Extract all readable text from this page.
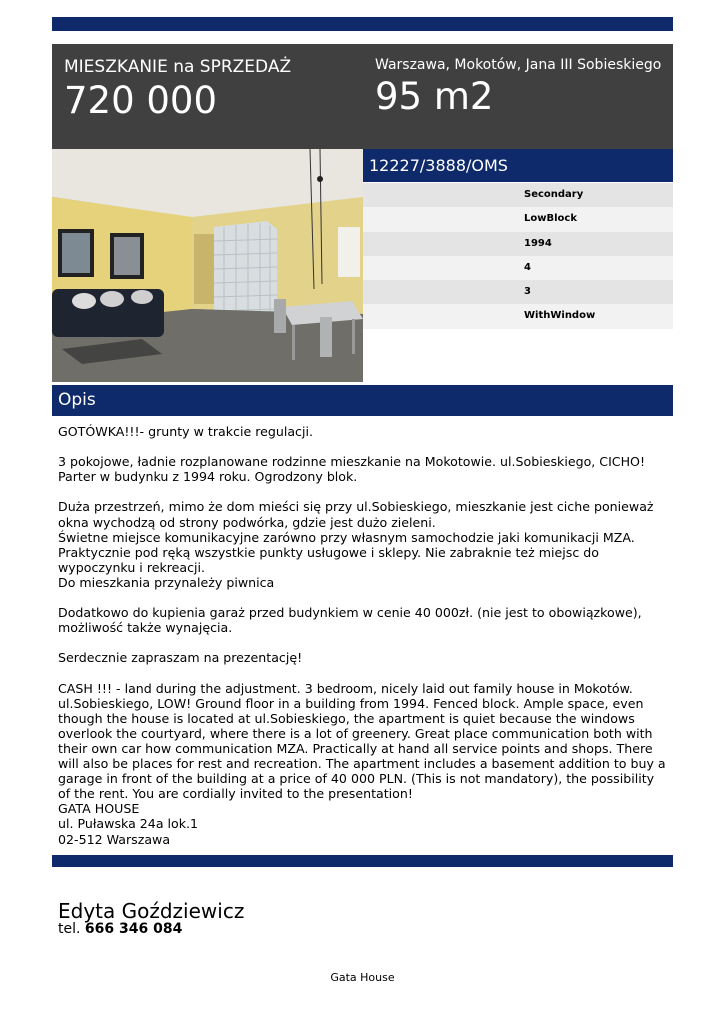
MIESZKANIE na SPRZEDAŻ
720 000
Warszawa, Mokotów, Jana III Sobieskiego
95 m2
12227/3888/OMS
Secondary
LowBlock
1994
4
3
WithWindow
Opis
GOTÓWKA!!!- grunty w trakcie regulacji.

3 pokojowe, ładnie rozplanowane rodzinne mieszkanie na Mokotowie. ul.Sobieskiego, CICHO!
Parter w budynku z 1994 roku. Ogrodzony blok.

Duża przestrzeń, mimo że dom mieści się przy ul.Sobieskiego, mieszkanie jest ciche ponieważ okna wychodzą od strony podwórka, gdzie jest dużo zieleni.
Świetne miejsce komunikacyjne zarówno przy własnym samochodzie jaki komunikacji MZA. Praktycznie pod ręką wszystkie punkty usługowe i sklepy. Nie zabraknie też miejsc do wypoczynku i rekreacji.
Do mieszkania przynależy piwnica

Dodatkowo do kupienia garaż przed budynkiem w cenie 40 000zł. (nie jest to obowiązkowe), możliwość także wynajęcia.

Serdecznie zapraszam na prezentację!

CASH !!! - land during the adjustment. 3 bedroom, nicely laid out family house in Mokotów. ul.Sobieskiego, LOW! Ground floor in a building from 1994. Fenced block. Ample space, even though the house is located at ul.Sobieskiego, the apartment is quiet because the windows overlook the courtyard, where there is a lot of greenery. Great place communication both with their own car how communication MZA. Practically at hand all service points and shops. There will also be places for rest and recreation. The apartment includes a basement addition to buy a garage in front of the building at a price of 40 000 PLN. (This is not mandatory), the possibility of the rent. You are cordially invited to the presentation!
GATA HOUSE
ul. Puławska 24a lok.1
02-512 Warszawa
Edyta Goździewicz
tel. 666 346 084
Gata House
